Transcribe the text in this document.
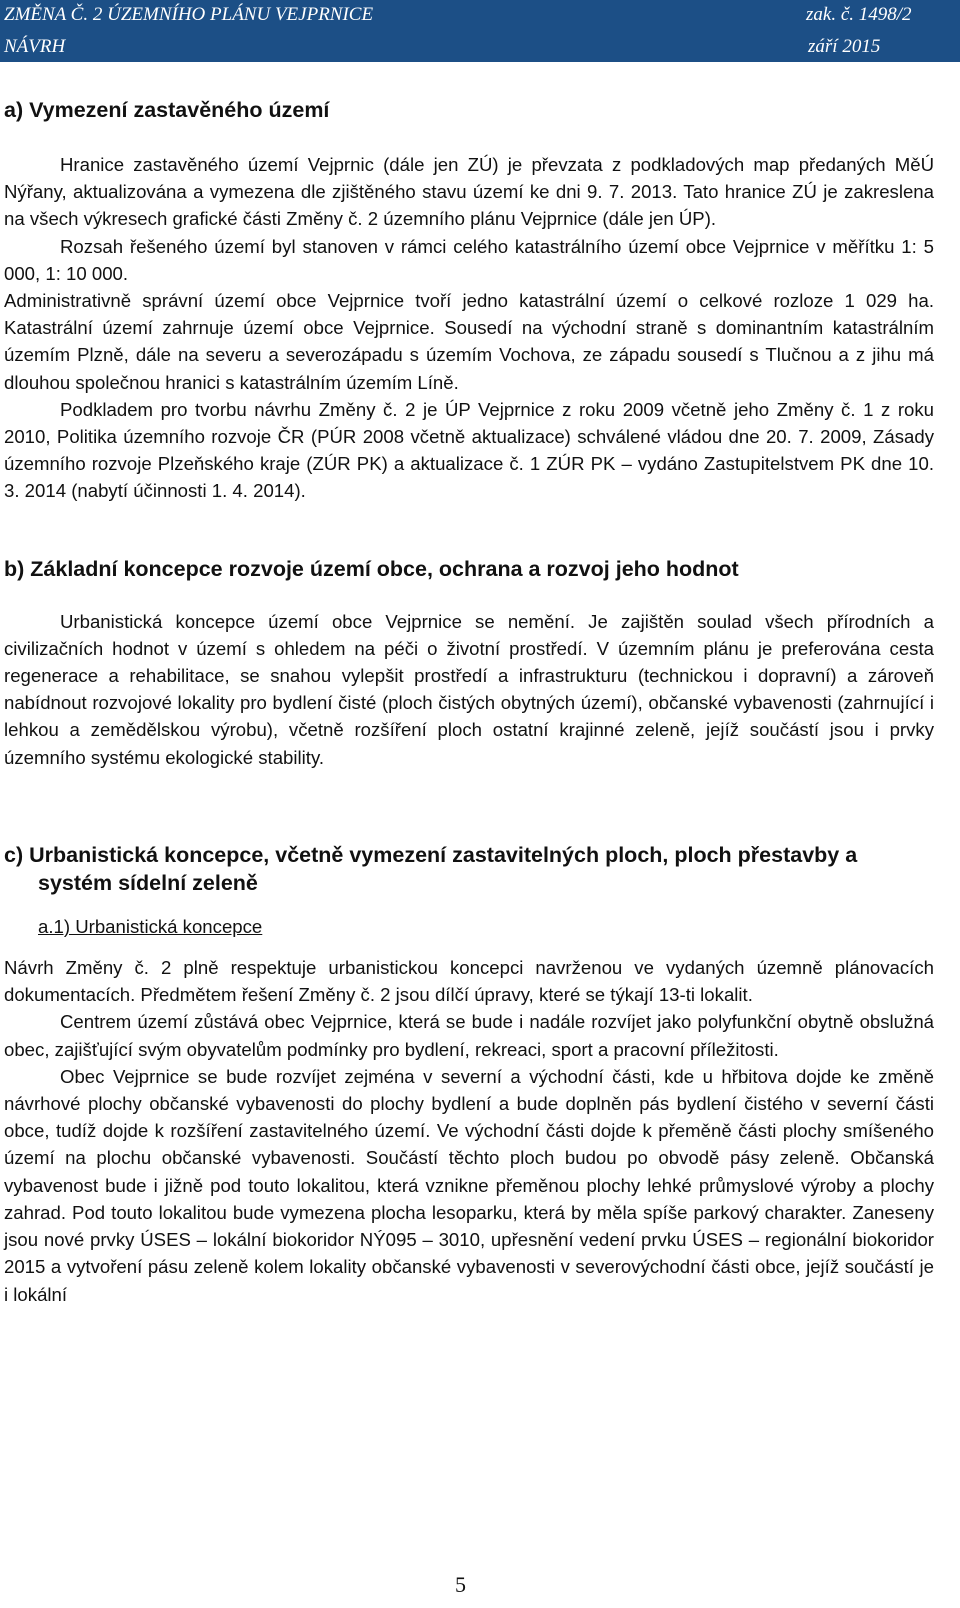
ZMĚNA Č. 2 ÚZEMNÍHO PLÁNU VEJPRNICE	zak. č. 1498/2
NÁVRH	září 2015
a) Vymezení zastavěného území

Hranice zastavěného území Vejprnic (dále jen ZÚ) je převzata z podkladových map předaných MěÚ Nýřany, aktualizována a vymezena dle zjištěného stavu území ke dni 9. 7. 2013. Tato hranice ZÚ je zakreslena na všech výkresech grafické části Změny č. 2 územního plánu Vejprnice (dále jen ÚP).

Rozsah řešeného území byl stanoven v rámci celého katastrálního území obce Vejprnice v měřítku 1: 5 000, 1: 10 000.

Administrativně správní území obce Vejprnice tvoří jedno katastrální území o celkové rozloze 1 029 ha. Katastrální území zahrnuje území obce Vejprnice. Sousedí na východní straně s dominantním katastrálním územím Plzně, dále na severu a severozápadu s územím Vochova, ze západu sousedí s Tlučnou a z jihu má dlouhou společnou hranici s katastrálním územím Líně.

Podkladem pro tvorbu návrhu Změny č. 2 je ÚP Vejprnice z roku 2009 včetně jeho Změny č. 1 z roku 2010, Politika územního rozvoje ČR (PÚR 2008 včetně aktualizace) schválené vládou dne 20. 7. 2009, Zásady územního rozvoje Plzeňského kraje (ZÚR PK) a aktualizace č. 1 ZÚR PK – vydáno Zastupitelstvem PK dne 10. 3. 2014 (nabytí účinnosti 1. 4. 2014).

b) Základní koncepce rozvoje území obce, ochrana a rozvoj jeho hodnot

Urbanistická koncepce území obce Vejprnice se nemění. Je zajištěn soulad všech přírodních a civilizačních hodnot v území s ohledem na péči o životní prostředí. V územním plánu je preferována cesta regenerace a rehabilitace, se snahou vylepšit prostředí a infrastrukturu (technickou i dopravní) a zároveň nabídnout rozvojové lokality pro bydlení čisté (ploch čistých obytných území), občanské vybavenosti (zahrnující i lehkou a zemědělskou výrobu), včetně rozšíření ploch ostatní krajinné zeleně, jejíž součástí jsou i prvky územního systému ekologické stability.

c) Urbanistická koncepce, včetně vymezení zastavitelných ploch, ploch přestavby a systém sídelní zeleně

a.1) Urbanistická koncepce

Návrh Změny č. 2 plně respektuje urbanistickou koncepci navrženou ve vydaných územně plánovacích dokumentacích. Předmětem řešení Změny č. 2 jsou dílčí úpravy, které se týkají 13-ti lokalit.

Centrem území zůstává obec Vejprnice, která se bude i nadále rozvíjet jako polyfunkční obytně obslužná obec, zajišťující svým obyvatelům podmínky pro bydlení, rekreaci, sport a pracovní příležitosti.

Obec Vejprnice se bude rozvíjet zejména v severní a východní části, kde u hřbitova dojde ke změně návrhové plochy občanské vybavenosti do plochy bydlení a bude doplněn pás bydlení čistého v severní části obce, tudíž dojde k rozšíření zastavitelného území. Ve východní části dojde k přeměně části plochy smíšeného území na plochu občanské vybavenosti. Součástí těchto ploch budou po obvodě pásy zeleně. Občanská vybavenost bude i jižně pod touto lokalitou, která vznikne přeměnou plochy lehké průmyslové výroby a plochy zahrad. Pod touto lokalitou bude vymezena plocha lesoparku, která by měla spíše parkový charakter. Zaneseny jsou nové prvky ÚSES – lokální biokoridor NÝ095 – 3010, upřesnění vedení prvku ÚSES – regionální biokoridor 2015 a vytvoření pásu zeleně kolem lokality občanské vybavenosti v severovýchodní části obce, jejíž součástí je i lokální

5
